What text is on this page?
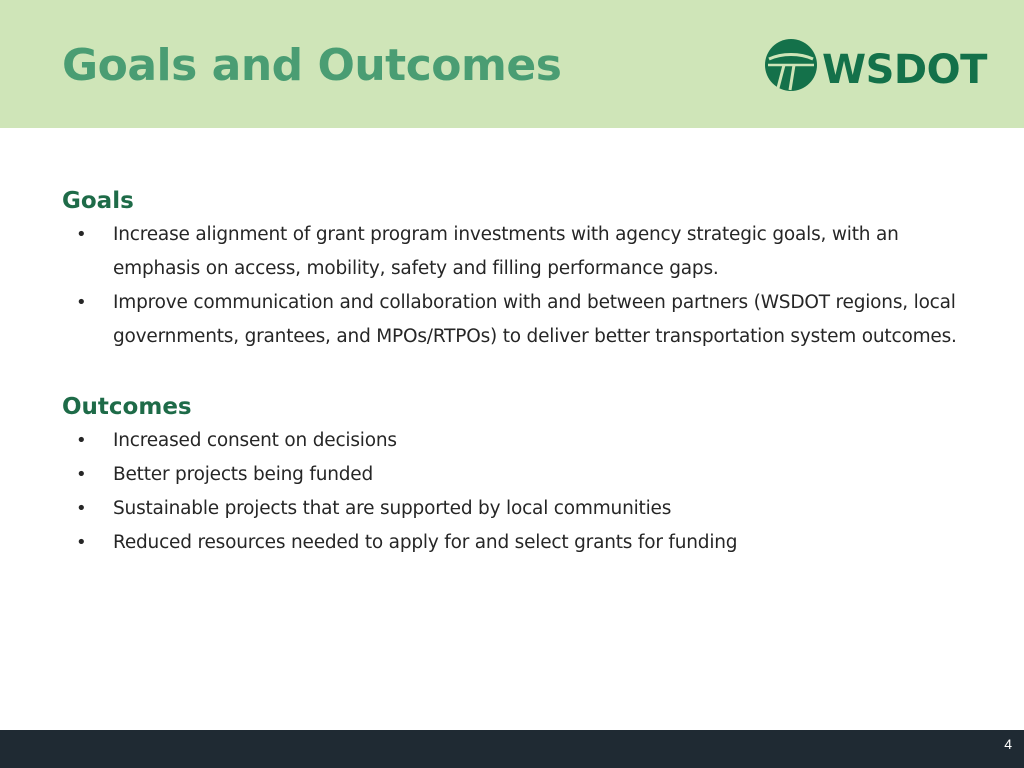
Goals and Outcomes	WSDOT
Goals
• Increase alignment of grant program investments with agency strategic goals, with an emphasis on access, mobility, safety and filling performance gaps.
• Improve communication and collaboration with and between partners (WSDOT regions, local governments, grantees, and MPOs/RTPOs) to deliver better transportation system outcomes.
Outcomes
• Increased consent on decisions
• Better projects being funded
• Sustainable projects that are supported by local communities
• Reduced resources needed to apply for and select grants for funding
4
